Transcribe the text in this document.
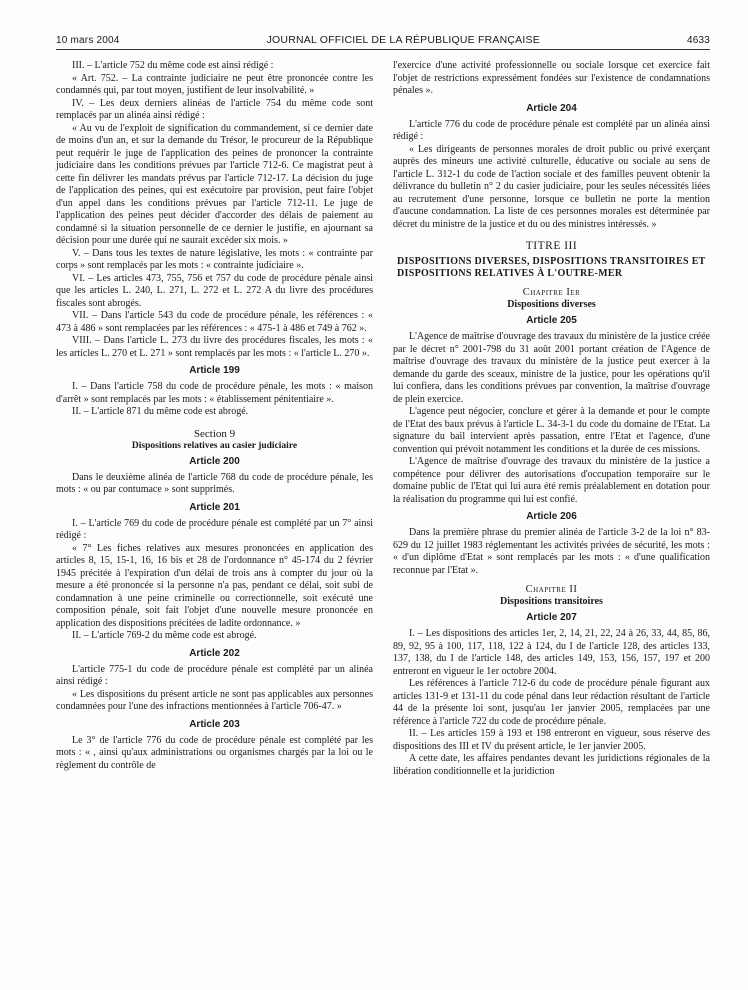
10 mars 2004	JOURNAL OFFICIEL DE LA RÉPUBLIQUE FRANÇAISE	4633

III. – L'article 752 du même code est ainsi rédigé :

« Art. 752. – La contrainte judiciaire ne peut être prononcée contre les condamnés qui, par tout moyen, justifient de leur insolvabilité. »

IV. – Les deux derniers alinéas de l'article 754 du même code sont remplacés par un alinéa ainsi rédigé :

« Au vu de l'exploit de signification du commandement, si ce dernier date de moins d'un an, et sur la demande du Trésor, le procureur de la République peut requérir le juge de l'application des peines de prononcer la contrainte judiciaire dans les conditions prévues par l'article 712-6. Ce magistrat peut à cette fin délivrer les mandats prévus par l'article 712-17. La décision du juge de l'application des peines, qui est exécutoire par provision, peut faire l'objet d'un appel dans les conditions prévues par l'article 712-11. Le juge de l'application des peines peut décider d'accorder des délais de paiement au condamné si la situation personnelle de ce dernier le justifie, en ajournant sa décision pour une durée qui ne saurait excéder six mois. »

V. – Dans tous les textes de nature législative, les mots : « contrainte par corps » sont remplacés par les mots : « contrainte judiciaire ».

VI. – Les articles 473, 755, 756 et 757 du code de procédure pénale ainsi que les articles L. 240, L. 271, L. 272 et L. 272 A du livre des procédures fiscales sont abrogés.

VII. – Dans l'article 543 du code de procédure pénale, les références : « 473 à 486 » sont remplacées par les références : « 475-1 à 486 et 749 à 762 ».

VIII. – Dans l'article L. 273 du livre des procédures fiscales, les mots : « les articles L. 270 et L. 271 » sont remplacés par les mots : « l'article L. 270 ».

Article 199

I. – Dans l'article 758 du code de procédure pénale, les mots : « maison d'arrêt » sont remplacés par les mots : « établissement pénitentiaire ».

II. – L'article 871 du même code est abrogé.

Section 9
Dispositions relatives au casier judiciaire
Article 200

Dans le deuxième alinéa de l'article 768 du code de procédure pénale, les mots : « ou par contumace » sont supprimés.

Article 201

I. – L'article 769 du code de procédure pénale est complété par un 7° ainsi rédigé :

« 7° Les fiches relatives aux mesures prononcées en application des articles 8, 15, 15-1, 16, 16 bis et 28 de l'ordonnance n° 45-174 du 2 février 1945 précitée à l'expiration d'un délai de trois ans à compter du jour où la mesure a été prononcée si la personne n'a pas, pendant ce délai, soit subi de condamnation à une peine criminelle ou correctionnelle, soit exécuté une composition pénale, soit fait l'objet d'une nouvelle mesure prononcée en application des dispositions précitées de ladite ordonnance. »

II. – L'article 769-2 du même code est abrogé.

Article 202

L'article 775-1 du code de procédure pénale est complété par un alinéa ainsi rédigé :

« Les dispositions du présent article ne sont pas applicables aux personnes condamnées pour l'une des infractions mentionnées à l'article 706-47. »

Article 203

Le 3° de l'article 776 du code de procédure pénale est complété par les mots : « , ainsi qu'aux administrations ou organismes chargés par la loi ou le règlement du contrôle de

l'exercice d'une activité professionnelle ou sociale lorsque cet exercice fait l'objet de restrictions expressément fondées sur l'existence de condamnations pénales ».

Article 204

L'article 776 du code de procédure pénale est complété par un alinéa ainsi rédigé :

« Les dirigeants de personnes morales de droit public ou privé exerçant auprès des mineurs une activité culturelle, éducative ou sociale au sens de l'article L. 312-1 du code de l'action sociale et des familles peuvent obtenir la délivrance du bulletin n° 2 du casier judiciaire, pour les seules nécessités liées au recrutement d'une personne, lorsque ce bulletin ne porte la mention d'aucune condamnation. La liste de ces personnes morales est déterminée par décret du ministre de la justice et du ou des ministres intéressés. »

TITRE III

DISPOSITIONS DIVERSES, DISPOSITIONS TRANSITOIRES ET DISPOSITIONS RELATIVES À L'OUTRE-MER

Chapitre Ier
Dispositions diverses
Article 205

L'Agence de maîtrise d'ouvrage des travaux du ministère de la justice créée par le décret n° 2001-798 du 31 août 2001 portant création de l'Agence de maîtrise d'ouvrage des travaux du ministère de la justice peut exercer à la demande du garde des sceaux, ministre de la justice, pour les opérations qu'il lui confiera, dans les conditions prévues par convention, la maîtrise d'ouvrage de plein exercice.

L'agence peut négocier, conclure et gérer à la demande et pour le compte de l'Etat des baux prévus à l'article L. 34-3-1 du code du domaine de l'Etat. La signature du bail intervient après passation, entre l'Etat et l'agence, d'une convention qui prévoit notamment les conditions et la durée de ces missions.

L'Agence de maîtrise d'ouvrage des travaux du ministère de la justice a compétence pour délivrer des autorisations d'occupation temporaire sur le domaine public de l'Etat qui lui aura été remis préalablement en dotation pour la réalisation du programme qui lui est confié.

Article 206

Dans la première phrase du premier alinéa de l'article 3-2 de la loi n° 83-629 du 12 juillet 1983 réglementant les activités privées de sécurité, les mots : « d'un diplôme d'Etat » sont remplacés par les mots : « d'une qualification reconnue par l'Etat ».

Chapitre II
Dispositions transitoires
Article 207

I. – Les dispositions des articles 1er, 2, 14, 21, 22, 24 à 26, 33, 44, 85, 86, 89, 92, 95 à 100, 117, 118, 122 à 124, du I de l'article 128, des articles 133, 137, 138, du I de l'article 148, des articles 149, 153, 156, 157, 197 et 200 entreront en vigueur le 1er octobre 2004.

Les références à l'article 712-6 du code de procédure pénale figurant aux articles 131-9 et 131-11 du code pénal dans leur rédaction résultant de l'article 44 de la présente loi sont, jusqu'au 1er janvier 2005, remplacées par une référence à l'article 722 du code de procédure pénale.

II. – Les articles 159 à 193 et 198 entreront en vigueur, sous réserve des dispositions des III et IV du présent article, le 1er janvier 2005.

A cette date, les affaires pendantes devant les juridictions régionales de la libération conditionnelle et la juridiction
